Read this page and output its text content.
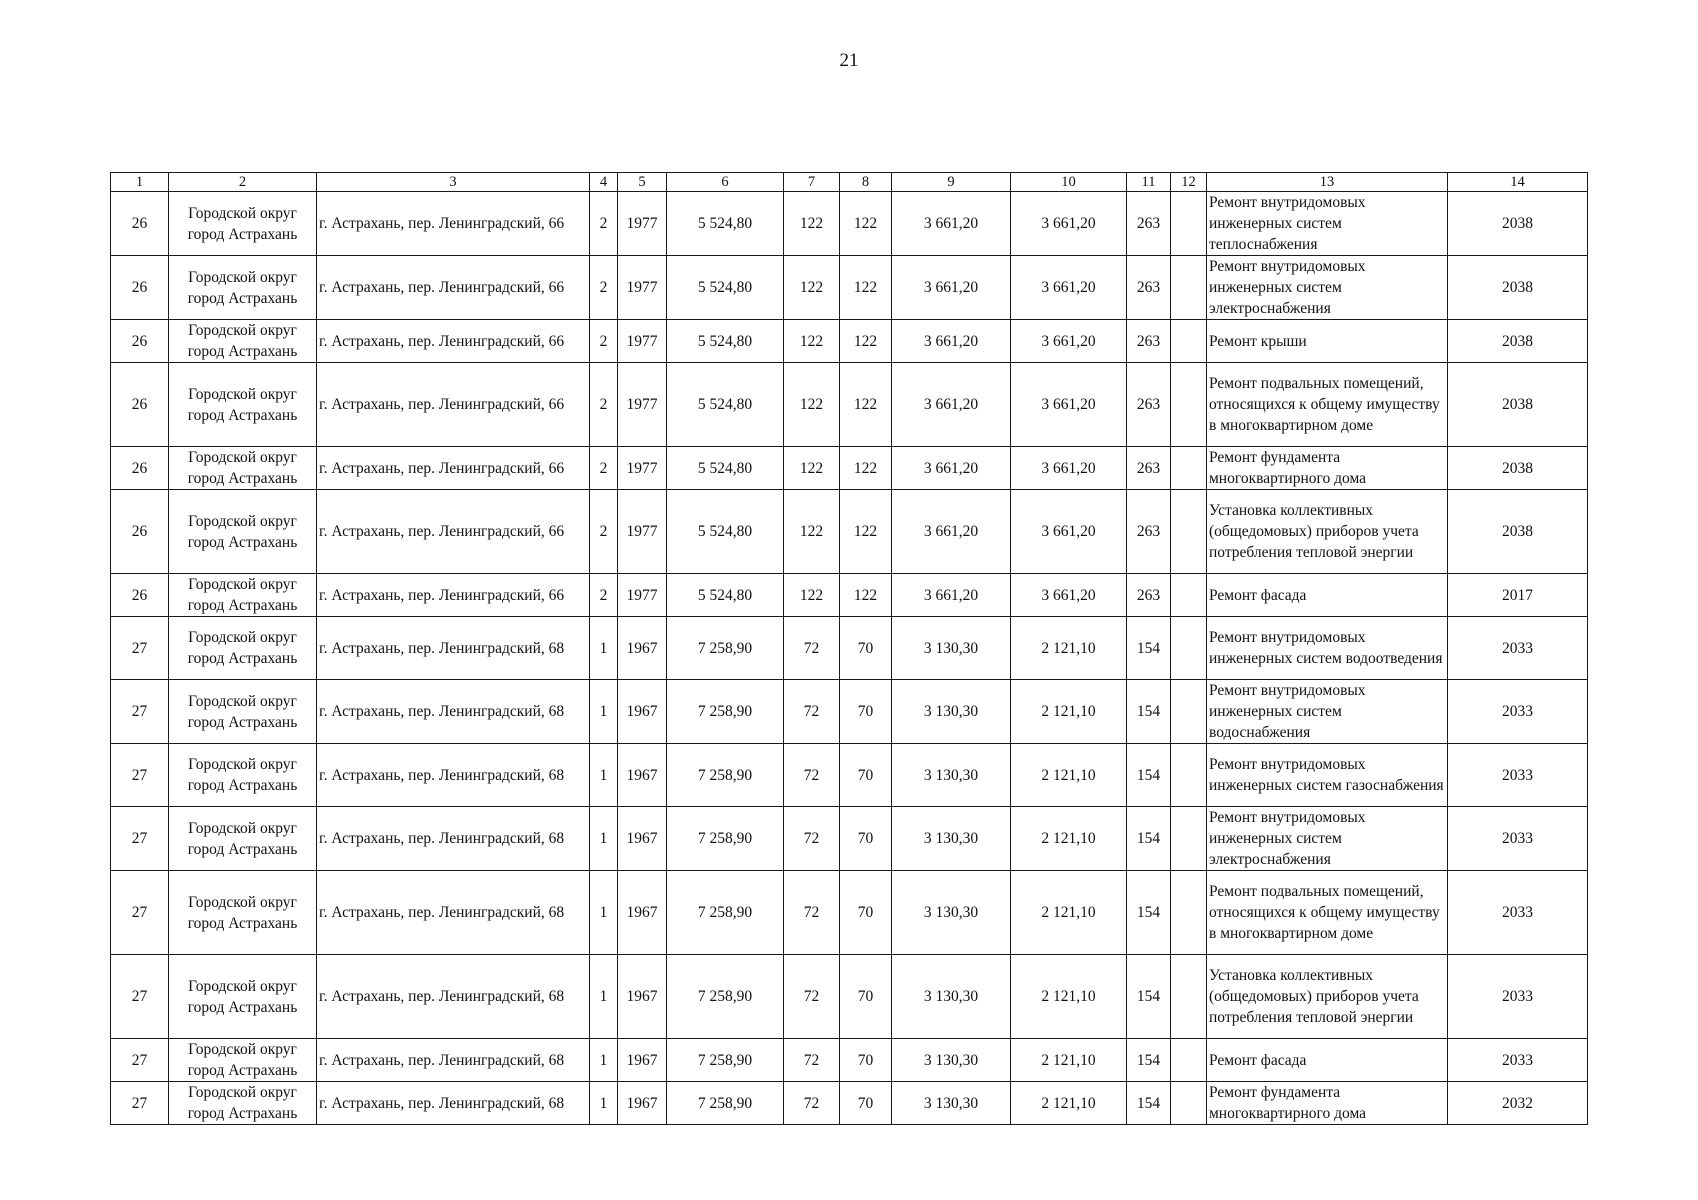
21
1	2	3	4	5	6	7	8	9	10	11	12	13	14
26	Городской округ город Астрахань	г. Астрахань, пер. Ленинградский, 66	2	1977	5 524,80	122	122	3 661,20	3 661,20	263		Ремонт внутридомовых инженерных систем теплоснабжения	2038
26	Городской округ город Астрахань	г. Астрахань, пер. Ленинградский, 66	2	1977	5 524,80	122	122	3 661,20	3 661,20	263		Ремонт внутридомовых инженерных систем электроснабжения	2038
26	Городской округ город Астрахань	г. Астрахань, пер. Ленинградский, 66	2	1977	5 524,80	122	122	3 661,20	3 661,20	263		Ремонт крыши	2038
26	Городской округ город Астрахань	г. Астрахань, пер. Ленинградский, 66	2	1977	5 524,80	122	122	3 661,20	3 661,20	263		Ремонт подвальных помещений, относящихся к общему имуществу в многоквартирном доме	2038
26	Городской округ город Астрахань	г. Астрахань, пер. Ленинградский, 66	2	1977	5 524,80	122	122	3 661,20	3 661,20	263		Ремонт фундамента многоквартирного дома	2038
26	Городской округ город Астрахань	г. Астрахань, пер. Ленинградский, 66	2	1977	5 524,80	122	122	3 661,20	3 661,20	263		Установка коллективных (общедомовых) приборов учета потребления тепловой энергии	2038
26	Городской округ город Астрахань	г. Астрахань, пер. Ленинградский, 66	2	1977	5 524,80	122	122	3 661,20	3 661,20	263		Ремонт фасада	2017
27	Городской округ город Астрахань	г. Астрахань, пер. Ленинградский, 68	1	1967	7 258,90	72	70	3 130,30	2 121,10	154		Ремонт внутридомовых инженерных систем водоотведения	2033
27	Городской округ город Астрахань	г. Астрахань, пер. Ленинградский, 68	1	1967	7 258,90	72	70	3 130,30	2 121,10	154		Ремонт внутридомовых инженерных систем водоснабжения	2033
27	Городской округ город Астрахань	г. Астрахань, пер. Ленинградский, 68	1	1967	7 258,90	72	70	3 130,30	2 121,10	154		Ремонт внутридомовых инженерных систем газоснабжения	2033
27	Городской округ город Астрахань	г. Астрахань, пер. Ленинградский, 68	1	1967	7 258,90	72	70	3 130,30	2 121,10	154		Ремонт внутридомовых инженерных систем электроснабжения	2033
27	Городской округ город Астрахань	г. Астрахань, пер. Ленинградский, 68	1	1967	7 258,90	72	70	3 130,30	2 121,10	154		Ремонт подвальных помещений, относящихся к общему имуществу в многоквартирном доме	2033
27	Городской округ город Астрахань	г. Астрахань, пер. Ленинградский, 68	1	1967	7 258,90	72	70	3 130,30	2 121,10	154		Установка коллективных (общедомовых) приборов учета потребления тепловой энергии	2033
27	Городской округ город Астрахань	г. Астрахань, пер. Ленинградский, 68	1	1967	7 258,90	72	70	3 130,30	2 121,10	154		Ремонт фасада	2033
27	Городской округ город Астрахань	г. Астрахань, пер. Ленинградский, 68	1	1967	7 258,90	72	70	3 130,30	2 121,10	154		Ремонт фундамента многоквартирного дома	2032
